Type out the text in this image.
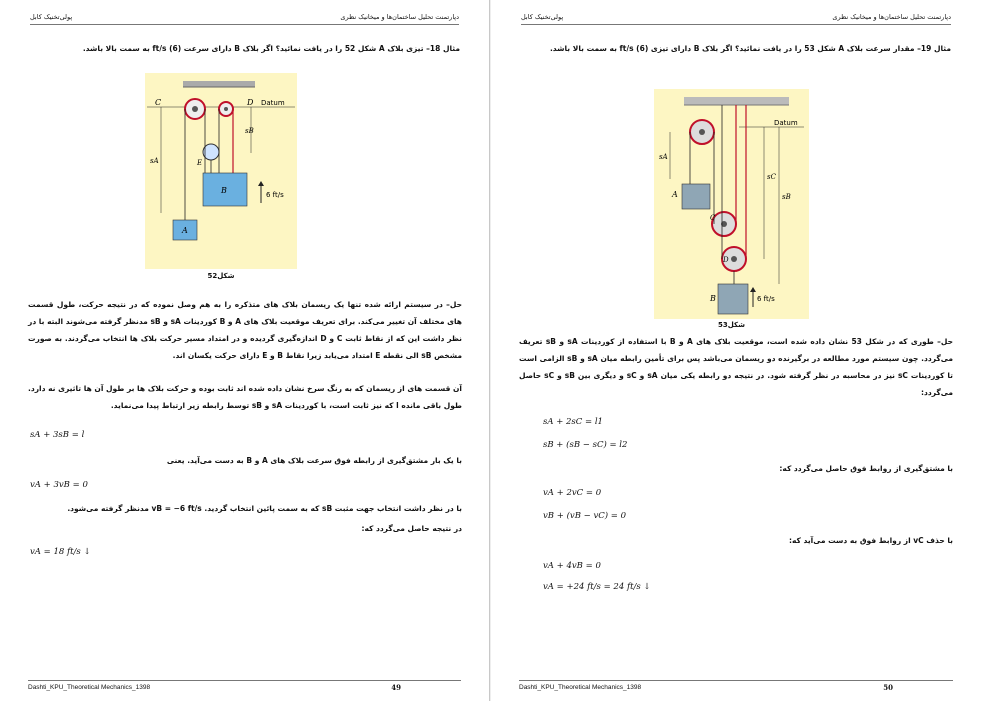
دپارتمنت تحلیل ساختمان‌ها و میخانیک نظری
پولی‌تخنیک کابل
مثال 18– تیزی بلاک A شکل 52 را در یافت نمائید؟ اگر بلاک B دارای سرعت (6) ft/s به سمت بالا باشد.
C	D Datum
sA
sB
E
A
B	6 ft/s
شکل52
حل– در سیستم ارائه شده تنها یک ریسمان بلاک های متذکره را به هم وصل نموده که در نتیجه حرکت، طول قسمت های مختلف آن تغییر می‌کند. برای تعریف موقعیت بلاک های A و B کوردینات sA و sB مدنظر گرفته می‌شوند البته با در نظر داشت این که از نقاط ثابت C و D اندازه‌گیری گردیده و در امتداد مسیر حرکت بلاک ها انتخاب می‌گردند. به صورت مشخص sB الی نقطه E امتداد می‌یابد زیرا نقاط B و E دارای حرکت یکسان اند.
آن قسمت های از ریسمان که به رنگ سرخ نشان داده شده اند ثابت بوده و حرکت بلاک ها بر طول آن ها تاثیری نه دارد. طول باقی مانده l که نیز ثابت است، با کوردینات sA و sB توسط رابطه زیر ارتباط پیدا می‌نماید.
sA + 3sB = l
با یک بار مشتق‌گیری از رابطه فوق سرعت بلاک های A و B به دست می‌آید. یعنی
vA + 3vB = 0
با در نظر داشت انتخاب جهت مثبت sB که به سمت پائین انتخاب گردید. vB = −6 ft/s مدنظر گرفته می‌شود.
در نتیجه حاصل می‌گردد که:
vA = 18 ft/s ↓
Dashti_KPU_Theoretical Mechanics_1398	49
دپارتمنت تحلیل ساختمان‌ها و میخانیک نظری
پولی‌تخنیک کابل
مثال 19– مقدار سرعت بلاک A شکل 53 را در یافت نمائید؟ اگر بلاک B دارای تیزی (6) ft/s به سمت بالا باشد.
Datum
sA
sC
sB
A
B
C
D
6 ft/s
شکل53
حل– طوری که در شکل 53 نشان داده شده است، موقعیت بلاک های A و B با استفاده از کوردینات sA و sB تعریف می‌گردد. چون سیستم مورد مطالعه در برگیرنده دو ریسمان می‌باشد پس برای تأمین رابطه میان sA و sB الزامی است تا کوردینات sC نیز در محاسبه در نظر گرفته شود. در نتیجه دو رابطه یکی میان sA و sC و دیگری بین sB و sC حاصل می‌گردد:
sA + 2sC = l1
sB + (sB − sC) = l2
با مشتق‌گیری از روابط فوق حاصل می‌گردد که:
vA + 2vC = 0
vB + (vB − vC) = 0
با حذف vC از روابط فوق به دست می‌آید که:
vA + 4vB = 0
vA = +24 ft/s = 24 ft/s ↓
Dashti_KPU_Theoretical Mechanics_1398	50
